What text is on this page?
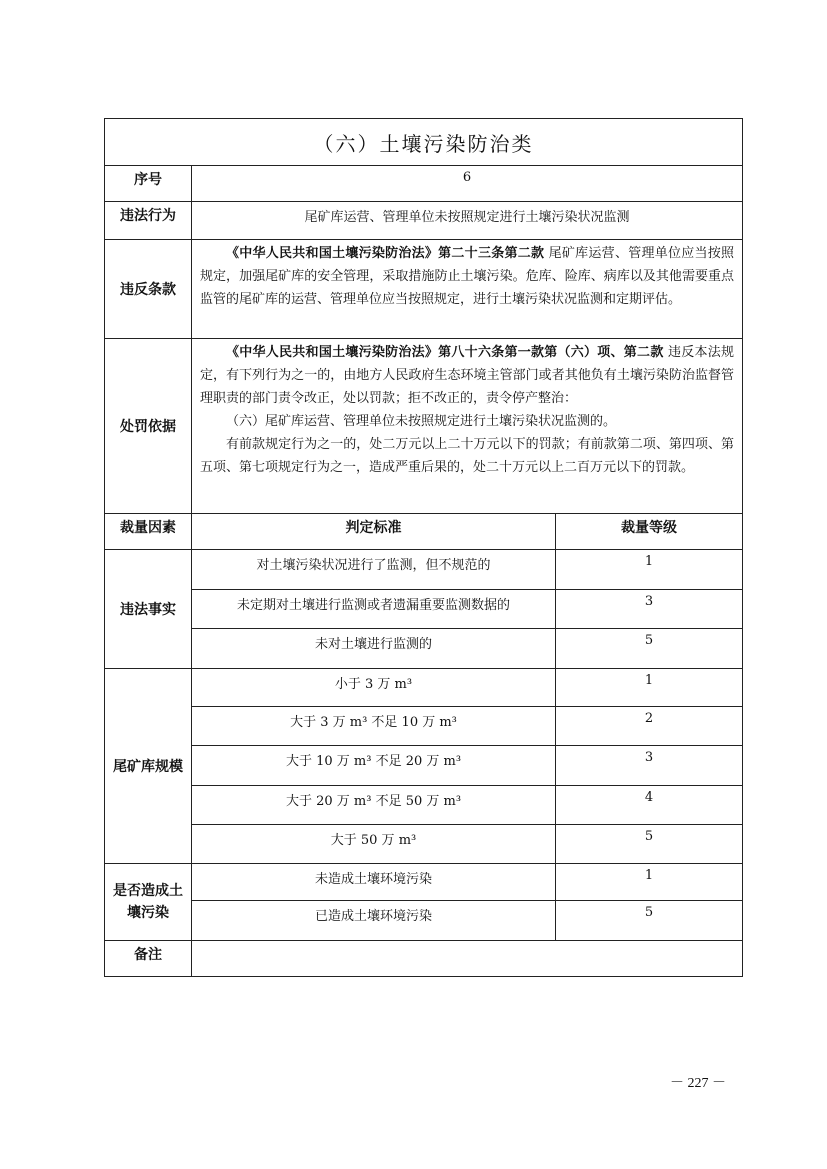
（六）土壤污染防治类		
序号	6	
违法行为	尾矿库运营、管理单位未按照规定进行土壤污染状况监测	
违反条款	《中华人民共和国土壤污染防治法》第二十三条第二款 尾矿库运营、管理单位应当按照规定，加强尾矿库的安全管理，采取措施防止土壤污染。危库、险库、病库以及其他需要重点监管的尾矿库的运营、管理单位应当按照规定，进行土壤污染状况监测和定期评估。	

处罚依据	《中华人民共和国土壤污染防治法》第八十六条第一款第（六）项、第二款 违反本法规定，有下列行为之一的，由地方人民政府生态环境主管部门或者其他负有土壤污染防治监督管理职责的部门责令改正，处以罚款；拒不改正的，责令停产整治：
（六）尾矿库运营、管理单位未按照规定进行土壤污染状况监测的。
有前款规定行为之一的，处二万元以上二十万元以下的罚款；有前款第二项、第四项、第五项、第七项规定行为之一，造成严重后果的，处二十万元以上二百万元以下的罚款。	

裁量因素	判定标准	裁量等级
违法事实	对土壤污染状况进行了监测，但不规范的	1
	未定期对土壤进行监测或者遗漏重要监测数据的	3
	未对土壤进行监测的	5
尾矿库规模	小于 3 万 m³	1
	大于 3 万 m³ 不足 10 万 m³	2
	大于 10 万 m³ 不足 20 万 m³	3
	大于 20 万 m³ 不足 50 万 m³	4
	大于 50 万 m³	5
是否造成土壤污染	未造成土壤环境污染	1
	已造成土壤环境污染	5
备注		
－ 227 －
